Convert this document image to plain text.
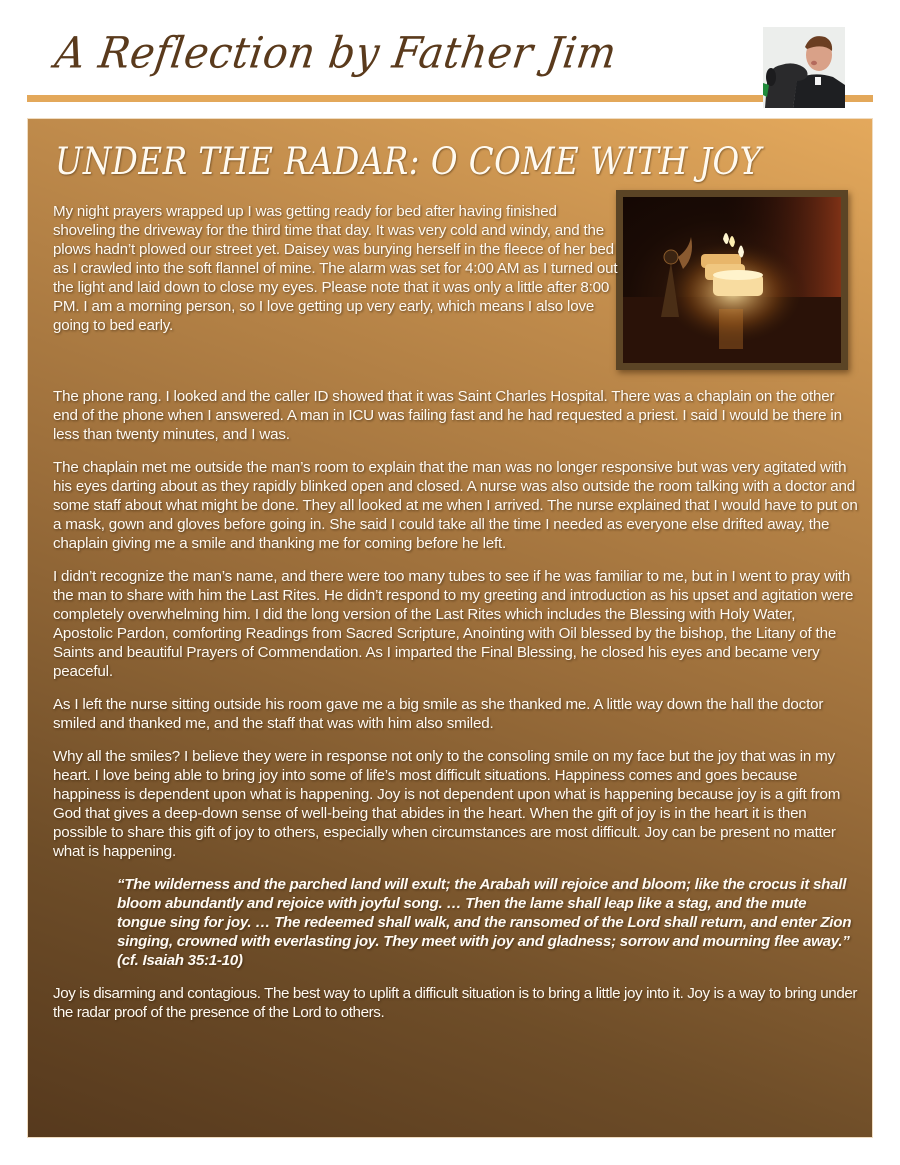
A Reflection by Father Jim
UNDER THE RADAR: O COME WITH JOY

My night prayers wrapped up I was getting ready for bed after having finished shoveling the driveway for the third time that day. It was very cold and windy, and the plows hadn’t plowed our street yet. Daisey was burying herself in the fleece of her bed as I crawled into the soft flannel of mine. The alarm was set for 4:00 AM as I turned out the light and laid down to close my eyes. Please note that it was only a little after 8:00 PM. I am a morning person, so I love getting up very early, which means I also love going to bed early.

The phone rang. I looked and the caller ID showed that it was Saint Charles Hospital. There was a chaplain on the other end of the phone when I answered. A man in ICU was failing fast and he had requested a priest. I said I would be there in less than twenty minutes, and I was.

The chaplain met me outside the man’s room to explain that the man was no longer responsive but was very agitated with his eyes darting about as they rapidly blinked open and closed. A nurse was also outside the room talking with a doctor and some staff about what might be done. They all looked at me when I arrived. The nurse explained that I would have to put on a mask, gown and gloves before going in. She said I could take all the time I needed as everyone else drifted away, the chaplain giving me a smile and thanking me for coming before he left.

I didn’t recognize the man’s name, and there were too many tubes to see if he was familiar to me, but in I went to pray with the man to share with him the Last Rites. He didn’t respond to my greeting and introduction as his upset and agitation were completely overwhelming him. I did the long version of the Last Rites which includes the Blessing with Holy Water, Apostolic Pardon, comforting Readings from Sacred Scripture, Anointing with Oil blessed by the bishop, the Litany of the Saints and beautiful Prayers of Commendation. As I imparted the Final Blessing, he closed his eyes and became very peaceful.

As I left the nurse sitting outside his room gave me a big smile as she thanked me. A little way down the hall the doctor smiled and thanked me, and the staff that was with him also smiled.

Why all the smiles? I believe they were in response not only to the consoling smile on my face but the joy that was in my heart. I love being able to bring joy into some of life’s most difficult situations. Happiness comes and goes because happiness is dependent upon what is happening. Joy is not dependent upon what is happening because joy is a gift from God that gives a deep-down sense of well-being that abides in the heart. When the gift of joy is in the heart it is then possible to share this gift of joy to others, especially when circumstances are most difficult. Joy can be present no matter what is happening.

“The wilderness and the parched land will exult; the Arabah will rejoice and bloom; like the crocus it shall bloom abundantly and rejoice with joyful song. … Then the lame shall leap like a stag, and the mute tongue sing for joy. … The redeemed shall walk, and the ransomed of the Lord shall return, and enter Zion singing, crowned with everlasting joy. They meet with joy and gladness; sorrow and mourning flee away.” (cf. Isaiah 35:1-10)

Joy is disarming and contagious. The best way to uplift a difficult situation is to bring a little joy into it. Joy is a way to bring under the radar proof of the presence of the Lord to others.
